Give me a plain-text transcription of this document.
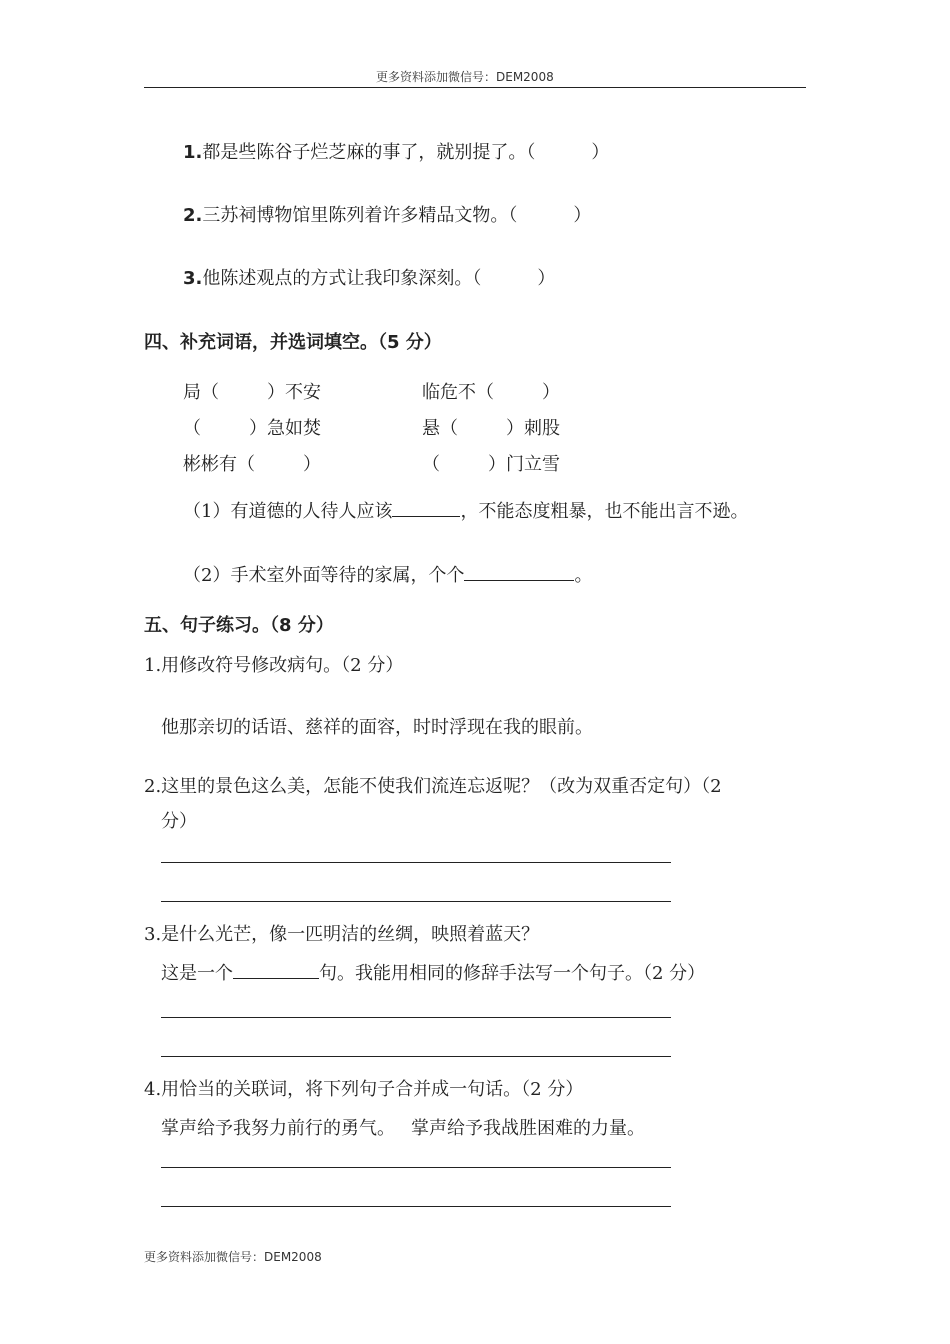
更多资料添加微信号：DEM2008
1.都是些陈谷子烂芝麻的事了，就别提了。（	）
2.三苏祠博物馆里陈列着许多精品文物。（	）
3.他陈述观点的方式让我印象深刻。（	）
四、补充词语，并选词填空。（5 分）
局（	）不安	临危不（	）
（	）急如焚	悬（	）刺股
彬彬有（	）	（	）门立雪
（1）有道德的人待人应该	，不能态度粗暴，也不能出言不逊。
（2）手术室外面等待的家属，个个	。
五、句子练习。（8 分）
1.用修改符号修改病句。（2 分）
他那亲切的话语、慈祥的面容，时时浮现在我的眼前。
2.这里的景色这么美，怎能不使我们流连忘返呢？（改为双重否定句）（2
分）
3.是什么光芒，像一匹明洁的丝绸，映照着蓝天？
这是一个	句。我能用相同的修辞手法写一个句子。（2 分）
4.用恰当的关联词，将下列句子合并成一句话。（2 分）
掌声给予我努力前行的勇气。 掌声给予我战胜困难的力量。
更多资料添加微信号：DEM2008
